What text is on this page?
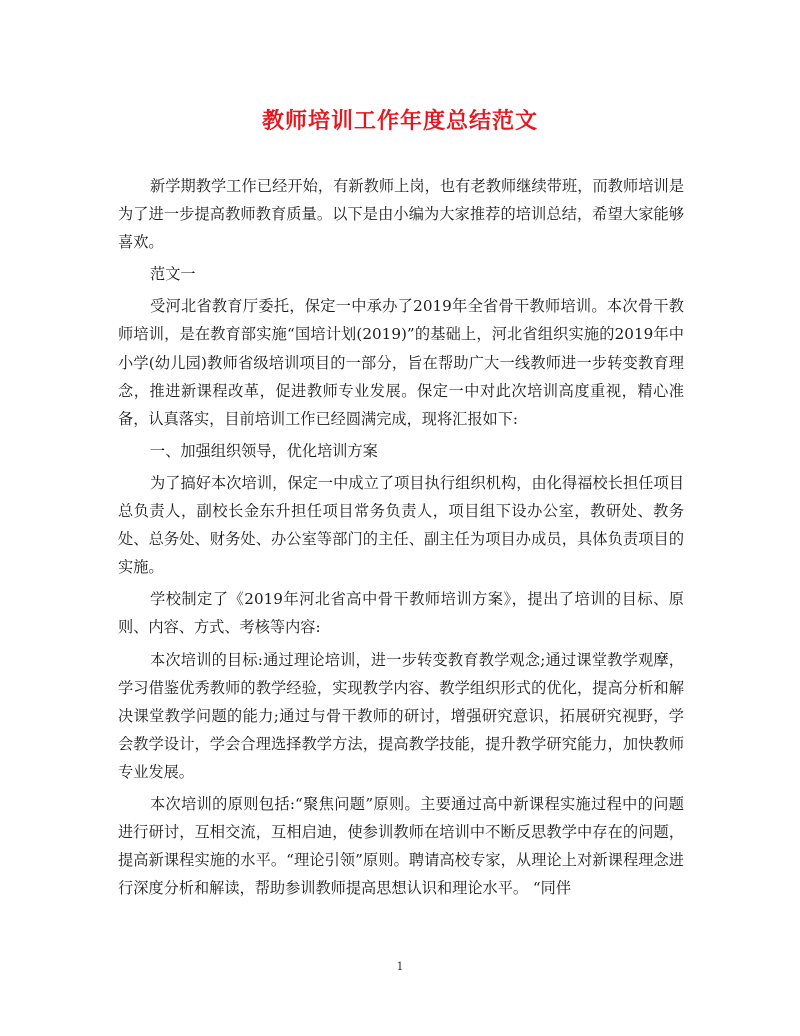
教师培训工作年度总结范文

新学期教学工作已经开始，有新教师上岗，也有老教师继续带班，而教师培训是为了进一步提高教师教育质量。以下是由小编为大家推荐的培训总结，希望大家能够喜欢。

范文一

受河北省教育厅委托，保定一中承办了2019年全省骨干教师培训。本次骨干教师培训，是在教育部实施“国培计划(2019)”的基础上，河北省组织实施的2019年中小学(幼儿园)教师省级培训项目的一部分，旨在帮助广大一线教师进一步转变教育理念，推进新课程改革，促进教师专业发展。保定一中对此次培训高度重视，精心准备，认真落实，目前培训工作已经圆满完成，现将汇报如下:

一、加强组织领导，优化培训方案

为了搞好本次培训，保定一中成立了项目执行组织机构，由化得福校长担任项目总负责人，副校长金东升担任项目常务负责人，项目组下设办公室，教研处、教务处、总务处、财务处、办公室等部门的主任、副主任为项目办成员，具体负责项目的实施。

学校制定了《2019年河北省高中骨干教师培训方案》，提出了培训的目标、原则、内容、方式、考核等内容:

本次培训的目标:通过理论培训，进一步转变教育教学观念;通过课堂教学观摩，学习借鉴优秀教师的教学经验，实现教学内容、教学组织形式的优化，提高分析和解决课堂教学问题的能力;通过与骨干教师的研讨，增强研究意识，拓展研究视野，学会教学设计，学会合理选择教学方法，提高教学技能，提升教学研究能力，加快教师专业发展。

本次培训的原则包括:“聚焦问题”原则。主要通过高中新课程实施过程中的问题进行研讨，互相交流，互相启迪，使参训教师在培训中不断反思教学中存在的问题，提高新课程实施的水平。“理论引领”原则。聘请高校专家，从理论上对新课程理念进行深度分析和解读，帮助参训教师提高思想认识和理论水平。 “同伴

1
